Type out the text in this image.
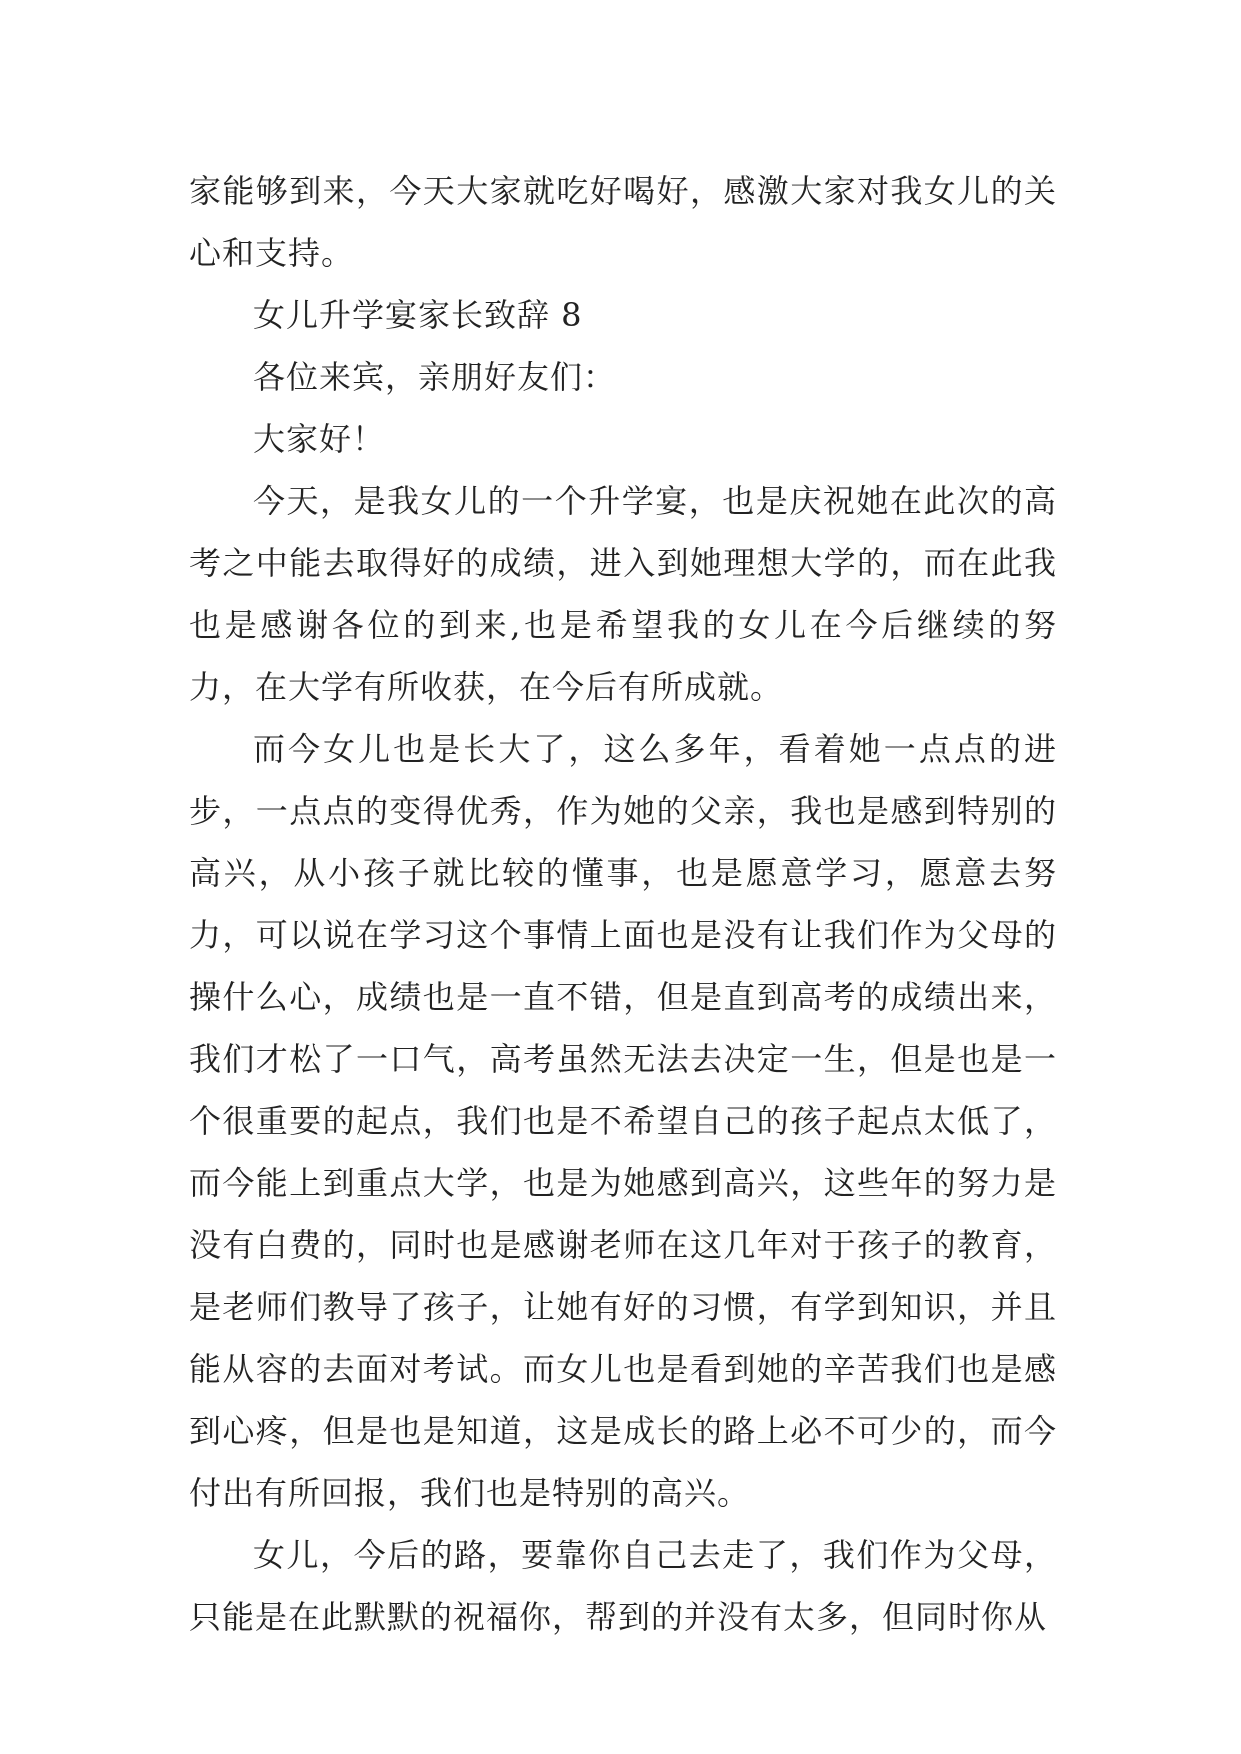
家能够到来，今天大家就吃好喝好，感激大家对我女儿的关心和支持。

女儿升学宴家长致辞 8

各位来宾，亲朋好友们：

大家好！

今天，是我女儿的一个升学宴，也是庆祝她在此次的高考之中能去取得好的成绩，进入到她理想大学的，而在此我也是感谢各位的到来,也是希望我的女儿在今后继续的努力，在大学有所收获，在今后有所成就。

而今女儿也是长大了，这么多年，看着她一点点的进步，一点点的变得优秀，作为她的父亲，我也是感到特别的高兴，从小孩子就比较的懂事，也是愿意学习，愿意去努力，可以说在学习这个事情上面也是没有让我们作为父母的操什么心，成绩也是一直不错，但是直到高考的成绩出来，我们才松了一口气，高考虽然无法去决定一生，但是也是一个很重要的起点，我们也是不希望自己的孩子起点太低了，而今能上到重点大学，也是为她感到高兴，这些年的努力是没有白费的，同时也是感谢老师在这几年对于孩子的教育，是老师们教导了孩子，让她有好的习惯，有学到知识，并且能从容的去面对考试。而女儿也是看到她的辛苦我们也是感到心疼，但是也是知道，这是成长的路上必不可少的，而今付出有所回报，我们也是特别的高兴。

女儿，今后的路，要靠你自己去走了，我们作为父母，只能是在此默默的祝福你，帮到的并没有太多，但同时你从
